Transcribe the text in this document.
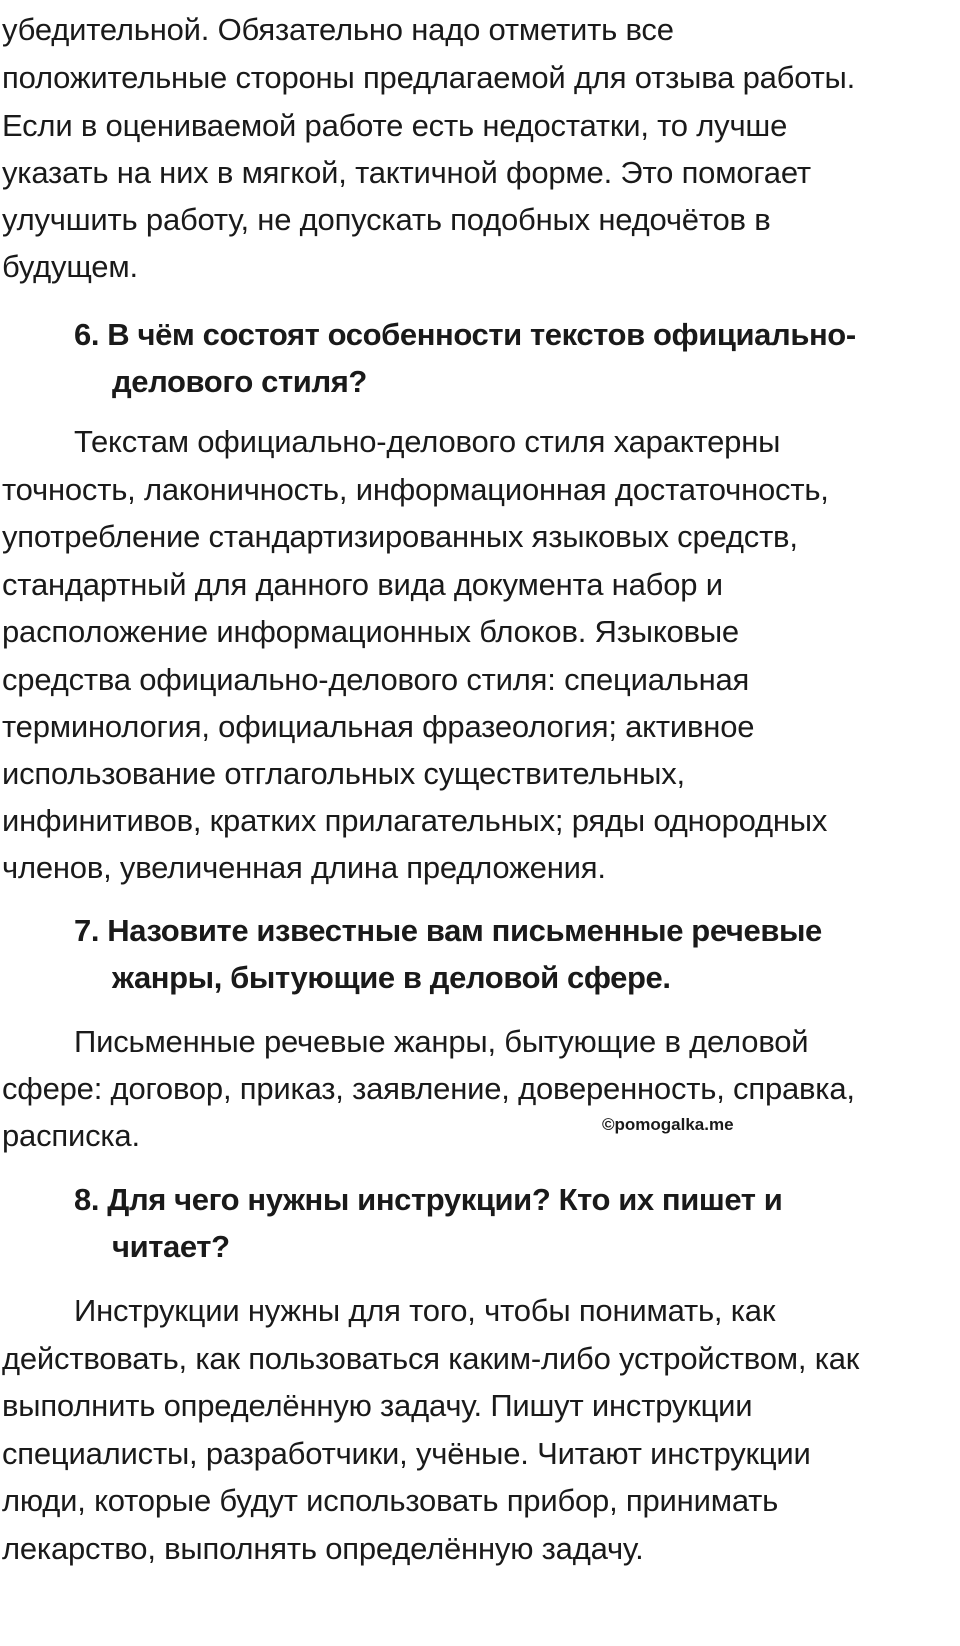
убедительной. Обязательно надо отметить все
положительные стороны предлагаемой для отзыва работы.
Если в оцениваемой работе есть недостатки, то лучше
указать на них в мягкой, тактичной форме. Это помогает
улучшить работу, не допускать подобных недочётов в
будущем.
6. В чём состоят особенности текстов официально-
делового стиля?
Текстам официально-делового стиля характерны
точность, лаконичность, информационная достаточность,
употребление стандартизированных языковых средств,
стандартный для данного вида документа набор и
расположение информационных блоков. Языковые
средства официально-делового стиля: специальная
терминология, официальная фразеология; активное
использование отглагольных существительных,
инфинитивов, кратких прилагательных; ряды однородных
членов, увеличенная длина предложения.
7. Назовите известные вам письменные речевые
жанры, бытующие в деловой сфере.
Письменные речевые жанры, бытующие в деловой
сфере: договор, приказ, заявление, доверенность, справка,
расписка.	©pomogalka.me
8. Для чего нужны инструкции? Кто их пишет и
читает?
Инструкции нужны для того, чтобы понимать, как
действовать, как пользоваться каким-либо устройством, как
выполнить определённую задачу. Пишут инструкции
специалисты, разработчики, учёные. Читают инструкции
люди, которые будут использовать прибор, принимать
лекарство, выполнять определённую задачу.
